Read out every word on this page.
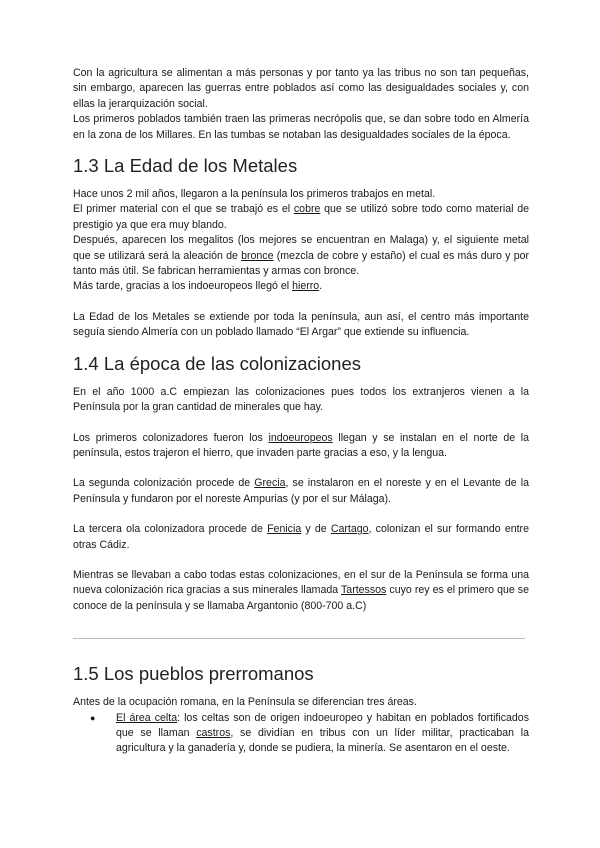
Con la agricultura se alimentan a más personas y por tanto ya las tribus no son tan pequeñas, sin embargo, aparecen las guerras entre poblados así como las desigualdades sociales y, con ellas la jerarquización social.

Los primeros poblados también traen las primeras necrópolis que, se dan sobre todo en Almería en la zona de los Millares. En las tumbas se notaban las desigualdades sociales de la época.

1.3 La Edad de los Metales

Hace unos 2 mil años, llegaron a la península los primeros trabajos en metal.

El primer material con el que se trabajó es el cobre que se utilizó sobre todo como material de prestigio ya que era muy blando.

Después, aparecen los megalitos (los mejores se encuentran en Malaga) y, el siguiente metal que se utilizará será la aleación de bronce (mezcla de cobre y estaño) el cual es más duro y por tanto más útil. Se fabrican herramientas y armas con bronce.

Más tarde, gracias a los indoeuropeos llegó el hierro.

La Edad de los Metales se extiende por toda la península, aun así, el centro más importante seguía siendo Almería con un poblado llamado “El Argar” que extiende su influencia.

1.4 La época de las colonizaciones

En el año 1000 a.C empiezan las colonizaciones pues todos los extranjeros vienen a la Península por la gran cantidad de minerales que hay.

Los primeros colonizadores fueron los indoeuropeos llegan y se instalan en el norte de la península, estos trajeron el hierro, que invaden parte gracias a eso, y la lengua.

La segunda colonización procede de Grecia, se instalaron en el noreste y en el Levante de la Península y fundaron por el noreste Ampurias (y por el sur Málaga).

La tercera ola colonizadora procede de Fenicia y de Cartago, colonizan el sur formando entre otras Cádiz.

Mientras se llevaban a cabo todas estas colonizaciones, en el sur de la Península se forma una nueva colonización rica gracias a sus minerales llamada Tartessos cuyo rey es el primero que se conoce de la península y se llamaba Argantonio (800-700 a.C)

1.5 Los pueblos prerromanos

Antes de la ocupación romana, en la Península se diferencian tres áreas.

● El área celta: los celtas son de origen indoeuropeo y habitan en poblados fortificados que se llaman castros, se dividían en tribus con un líder militar, practicaban la agricultura y la ganadería y, donde se pudiera, la minería. Se asentaron en el oeste.
